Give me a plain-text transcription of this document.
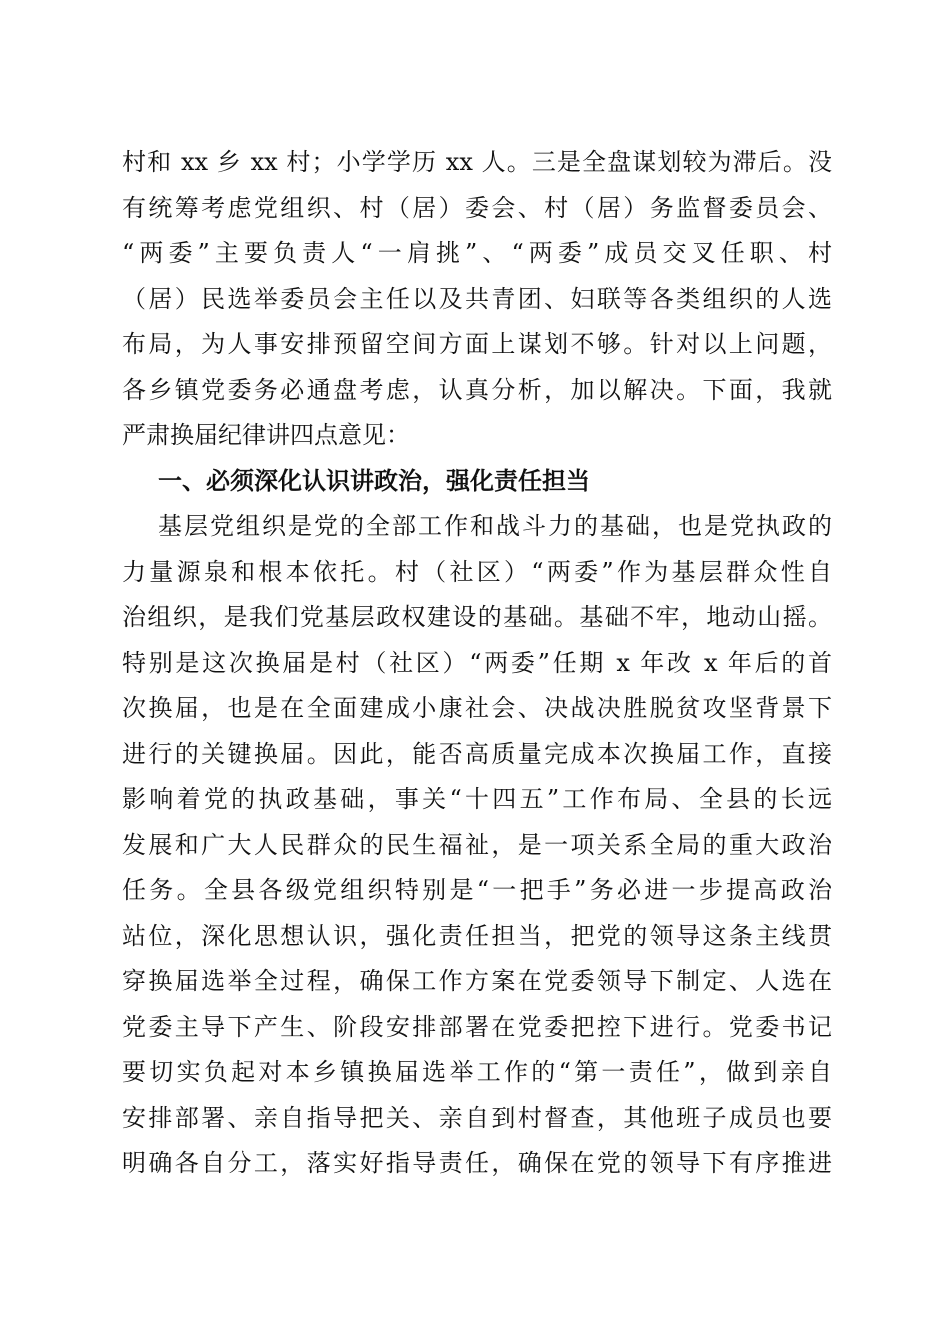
村和 xx 乡 xx 村；小学学历 xx 人。三是全盘谋划较为滞后。没
有统筹考虑党组织、村（居）委会、村（居）务监督委员会、
“两委”主要负责人“一肩挑”、“两委”成员交叉任职、村
（居）民选举委员会主任以及共青团、妇联等各类组织的人选
布局，为人事安排预留空间方面上谋划不够。针对以上问题，
各乡镇党委务必通盘考虑，认真分析，加以解决。下面，我就
严肃换届纪律讲四点意见：
一、必须深化认识讲政治，强化责任担当
基层党组织是党的全部工作和战斗力的基础，也是党执政的
力量源泉和根本依托。村（社区）“两委”作为基层群众性自
治组织，是我们党基层政权建设的基础。基础不牢，地动山摇。
特别是这次换届是村（社区）“两委”任期 x 年改 x 年后的首
次换届，也是在全面建成小康社会、决战决胜脱贫攻坚背景下
进行的关键换届。因此，能否高质量完成本次换届工作，直接
影响着党的执政基础，事关“十四五”工作布局、全县的长远
发展和广大人民群众的民生福祉，是一项关系全局的重大政治
任务。全县各级党组织特别是“一把手”务必进一步提高政治
站位，深化思想认识，强化责任担当，把党的领导这条主线贯
穿换届选举全过程，确保工作方案在党委领导下制定、人选在
党委主导下产生、阶段安排部署在党委把控下进行。党委书记
要切实负起对本乡镇换届选举工作的“第一责任”，做到亲自
安排部署、亲自指导把关、亲自到村督查，其他班子成员也要
明确各自分工，落实好指导责任，确保在党的领导下有序推进
